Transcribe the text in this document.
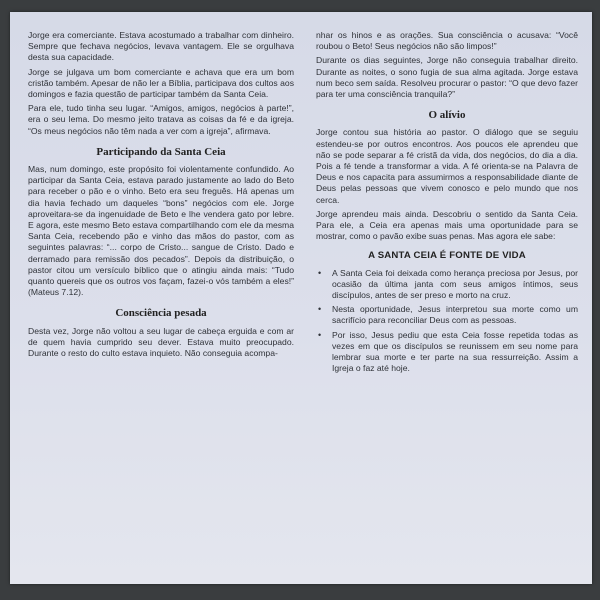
Jorge era comerciante. Estava acostumado a trabalhar com dinheiro. Sempre que fechava negócios, levava vantagem. Ele se orgulhava desta sua capacidade.

Jorge se julgava um bom comerciante e achava que era um bom cristão também. Apesar de não ler a Bíblia, participava dos cultos aos domingos e fazia questão de participar também da Santa Ceia.

Para ele, tudo tinha seu lugar. “Amigos, amigos, negócios à parte!”, era o seu lema. Do mesmo jeito tratava as coisas da fé e da igreja. “Os meus negócios não têm nada a ver com a igreja”, afirmava.

Participando da Santa Ceia

Mas, num domingo, este propósito foi violentamente confundido. Ao participar da Santa Ceia, estava parado justamente ao lado do Beto para receber o pão e o vinho. Beto era seu freguês. Há apenas um dia havia fechado um daqueles “bons” negócios com ele. Jorge aproveitara-se da ingenuidade de Beto e lhe vendera gato por lebre. E agora, este mesmo Beto estava compartilhando com ele da mesma Santa Ceia, recebendo pão e vinho das mãos do pastor, com as seguintes palavras: “... corpo de Cristo... sangue de Cristo. Dado e derramado para remissão dos pecados”. Depois da distribuição, o pastor citou um versículo bíblico que o atingiu ainda mais: “Tudo quanto quereis que os outros vos façam, fazei-o vós também a eles!” (Mateus 7.12).

Consciência pesada

Desta vez, Jorge não voltou a seu lugar de cabeça erguida e com ar de quem havia cumprido seu dever. Estava muito preocupado. Durante o resto do culto estava inquieto. Não conseguia acompa-

nhar os hinos e as orações. Sua consciência o acusava: “Você roubou o Beto! Seus negócios não são limpos!”

Durante os dias seguintes, Jorge não conseguia trabalhar direito. Durante as noites, o sono fugia de sua alma agitada. Jorge estava num beco sem saída. Resolveu procurar o pastor: “O que devo fazer para ter uma consciência tranquila?”

O alívio

Jorge contou sua história ao pastor. O diálogo que se seguiu estendeu-se por outros encontros. Aos poucos ele aprendeu que não se pode separar a fé cristã da vida, dos negócios, do dia a dia. Pois a fé tende a transformar a vida. A fé orienta-se na Palavra de Deus e nos capacita para assumirmos a responsabilidade diante de Deus pelas pessoas que vivem conosco e pelo mundo que nos cerca.

Jorge aprendeu mais ainda. Descobriu o sentido da Santa Ceia. Para ele, a Ceia era apenas mais uma oportunidade para se mostrar, como o pavão exibe suas penas. Mas agora ele sabe:

A SANTA CEIA É FONTE DE VIDA
• A Santa Ceia foi deixada como herança preciosa por Jesus, por ocasião da última janta com seus amigos íntimos, seus discípulos, antes de ser preso e morto na cruz.
• Nesta oportunidade, Jesus interpretou sua morte como um sacrifício para reconciliar Deus com as pessoas.
• Por isso, Jesus pediu que esta Ceia fosse repetida todas as vezes em que os discípulos se reunissem em seu nome para lembrar sua morte e ter parte na sua ressurreição. Assim a Igreja o faz até hoje.
